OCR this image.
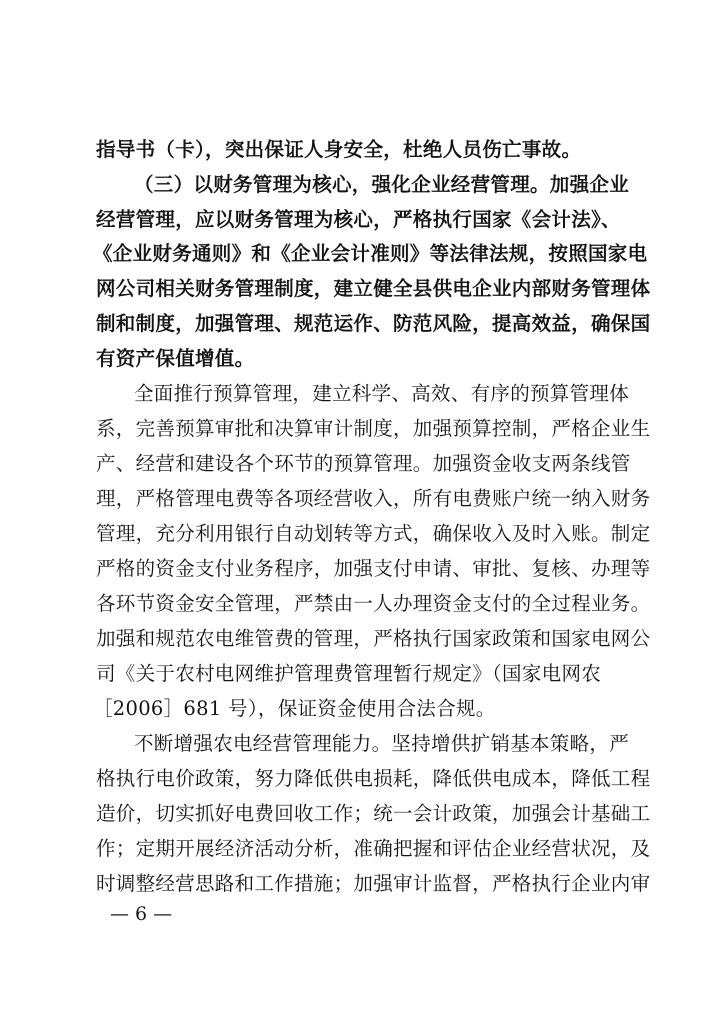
指导书（卡），突出保证人身安全，杜绝人员伤亡事故。
（三）以财务管理为核心，强化企业经营管理。加强企业
经营管理，应以财务管理为核心，严格执行国家《会计法》、
《企业财务通则》和《企业会计准则》等法律法规，按照国家电
网公司相关财务管理制度，建立健全县供电企业内部财务管理体
制和制度，加强管理、规范运作、防范风险，提高效益，确保国
有资产保值增值。
全面推行预算管理，建立科学、高效、有序的预算管理体
系，完善预算审批和决算审计制度，加强预算控制，严格企业生
产、经营和建设各个环节的预算管理。加强资金收支两条线管
理，严格管理电费等各项经营收入，所有电费账户统一纳入财务
管理，充分利用银行自动划转等方式，确保收入及时入账。制定
严格的资金支付业务程序，加强支付申请、审批、复核、办理等
各环节资金安全管理，严禁由一人办理资金支付的全过程业务。
加强和规范农电维管费的管理，严格执行国家政策和国家电网公
司《关于农村电网维护管理费管理暂行规定》（国家电网农
［2006］681 号），保证资金使用合法合规。
不断增强农电经营管理能力。坚持增供扩销基本策略，严
格执行电价政策，努力降低供电损耗，降低供电成本，降低工程
造价，切实抓好电费回收工作；统一会计政策，加强会计基础工
作；定期开展经济活动分析，准确把握和评估企业经营状况，及
时调整经营思路和工作措施；加强审计监督，严格执行企业内审
— 6 —
